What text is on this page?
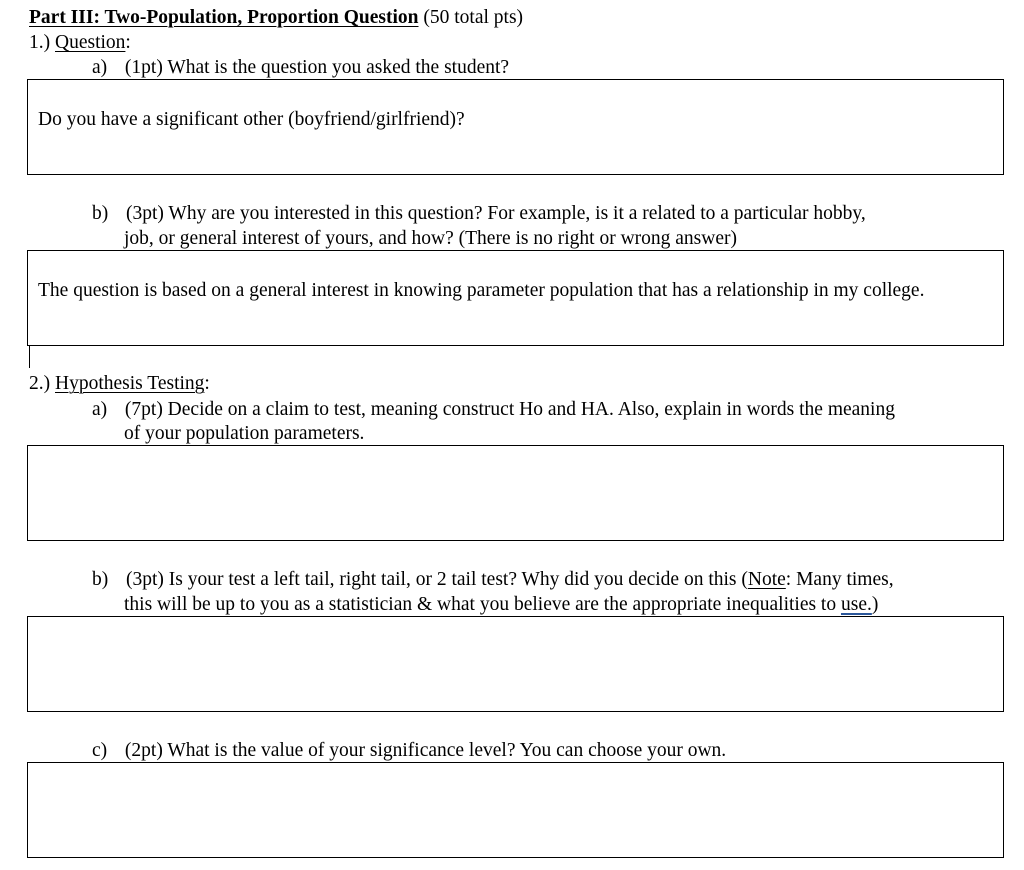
Part III: Two-Population, Proportion Question (50 total pts)
1.) Question:
a) (1pt) What is the question you asked the student?
Do you have a significant other (boyfriend/girlfriend)?
b) (3pt) Why are you interested in this question? For example, is it a related to a particular hobby,
job, or general interest of yours, and how? (There is no right or wrong answer)
The question is based on a general interest in knowing parameter population that has a relationship in my college.
2.) Hypothesis Testing:
a) (7pt) Decide on a claim to test, meaning construct Ho and HA. Also, explain in words the meaning
of your population parameters.
b) (3pt) Is your test a left tail, right tail, or 2 tail test? Why did you decide on this (Note: Many times,
this will be up to you as a statistician & what you believe are the appropriate inequalities to use.)
c) (2pt) What is the value of your significance level? You can choose your own.
